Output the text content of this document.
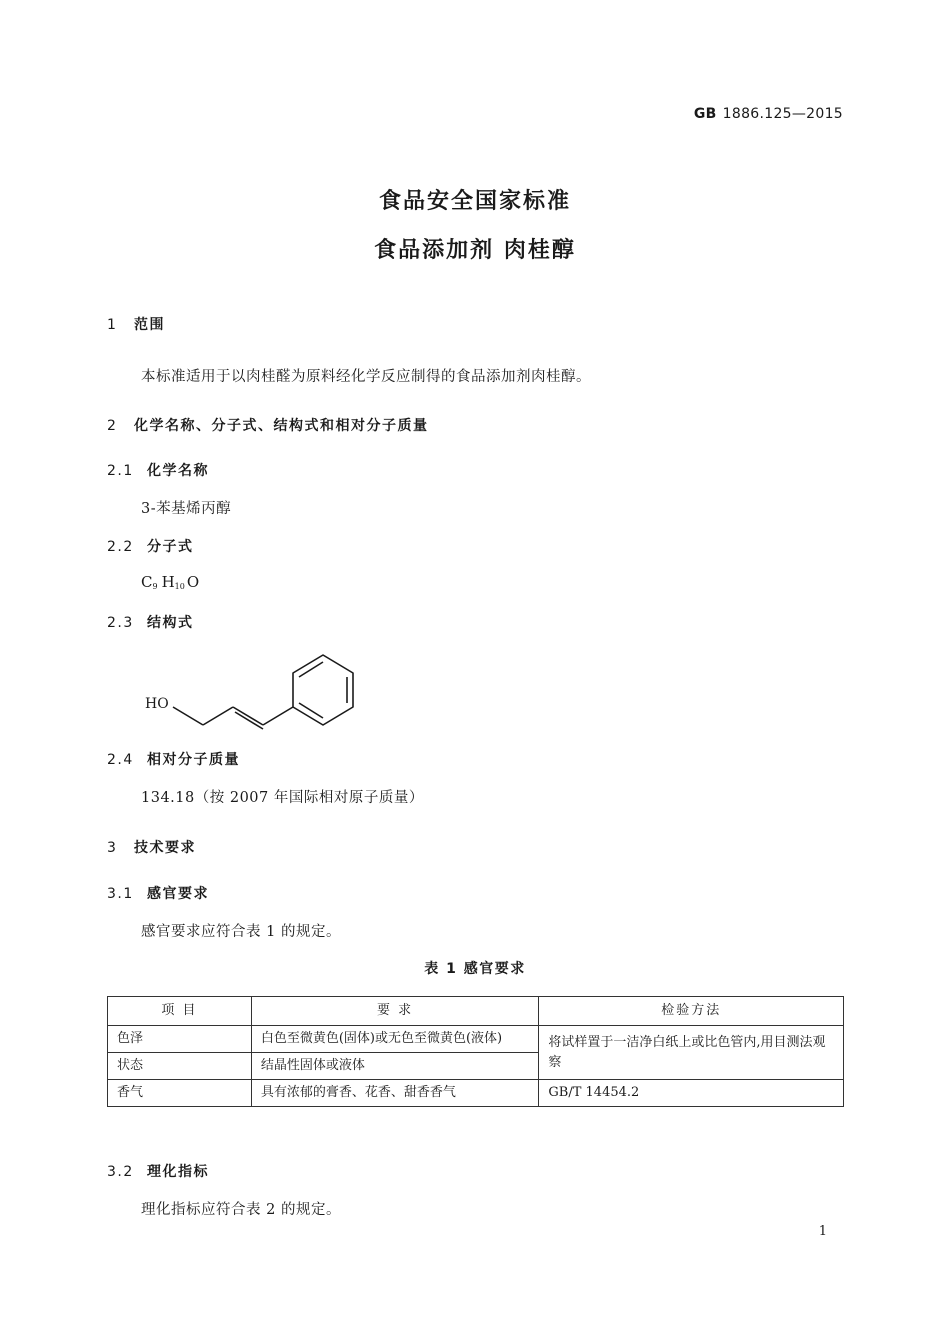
GB 1886.125—2015
食品安全国家标准
食品添加剂 肉桂醇
1 范围
本标准适用于以肉桂醛为原料经化学反应制得的食品添加剂肉桂醇。
2 化学名称、分子式、结构式和相对分子质量
2.1 化学名称
3-苯基烯丙醇
2.2 分子式
$C_9$ $H_{10}$ O
2.3 结构式
HO
2.4 相对分子质量
134.18（按 2007 年国际相对原子质量）
3 技术要求
3.1 感官要求
感官要求应符合表 1 的规定。
表 1 感官要求
项 目	要 求	检验方法
色泽	白色至微黄色(固体)或无色至微黄色(液体)	将试样置于一洁净白纸上或比色管内,用目测法观察
状态	结晶性固体或液体	
香气	具有浓郁的膏香、花香、甜香香气	GB/T 14454.2
3.2 理化指标
理化指标应符合表 2 的规定。
1
